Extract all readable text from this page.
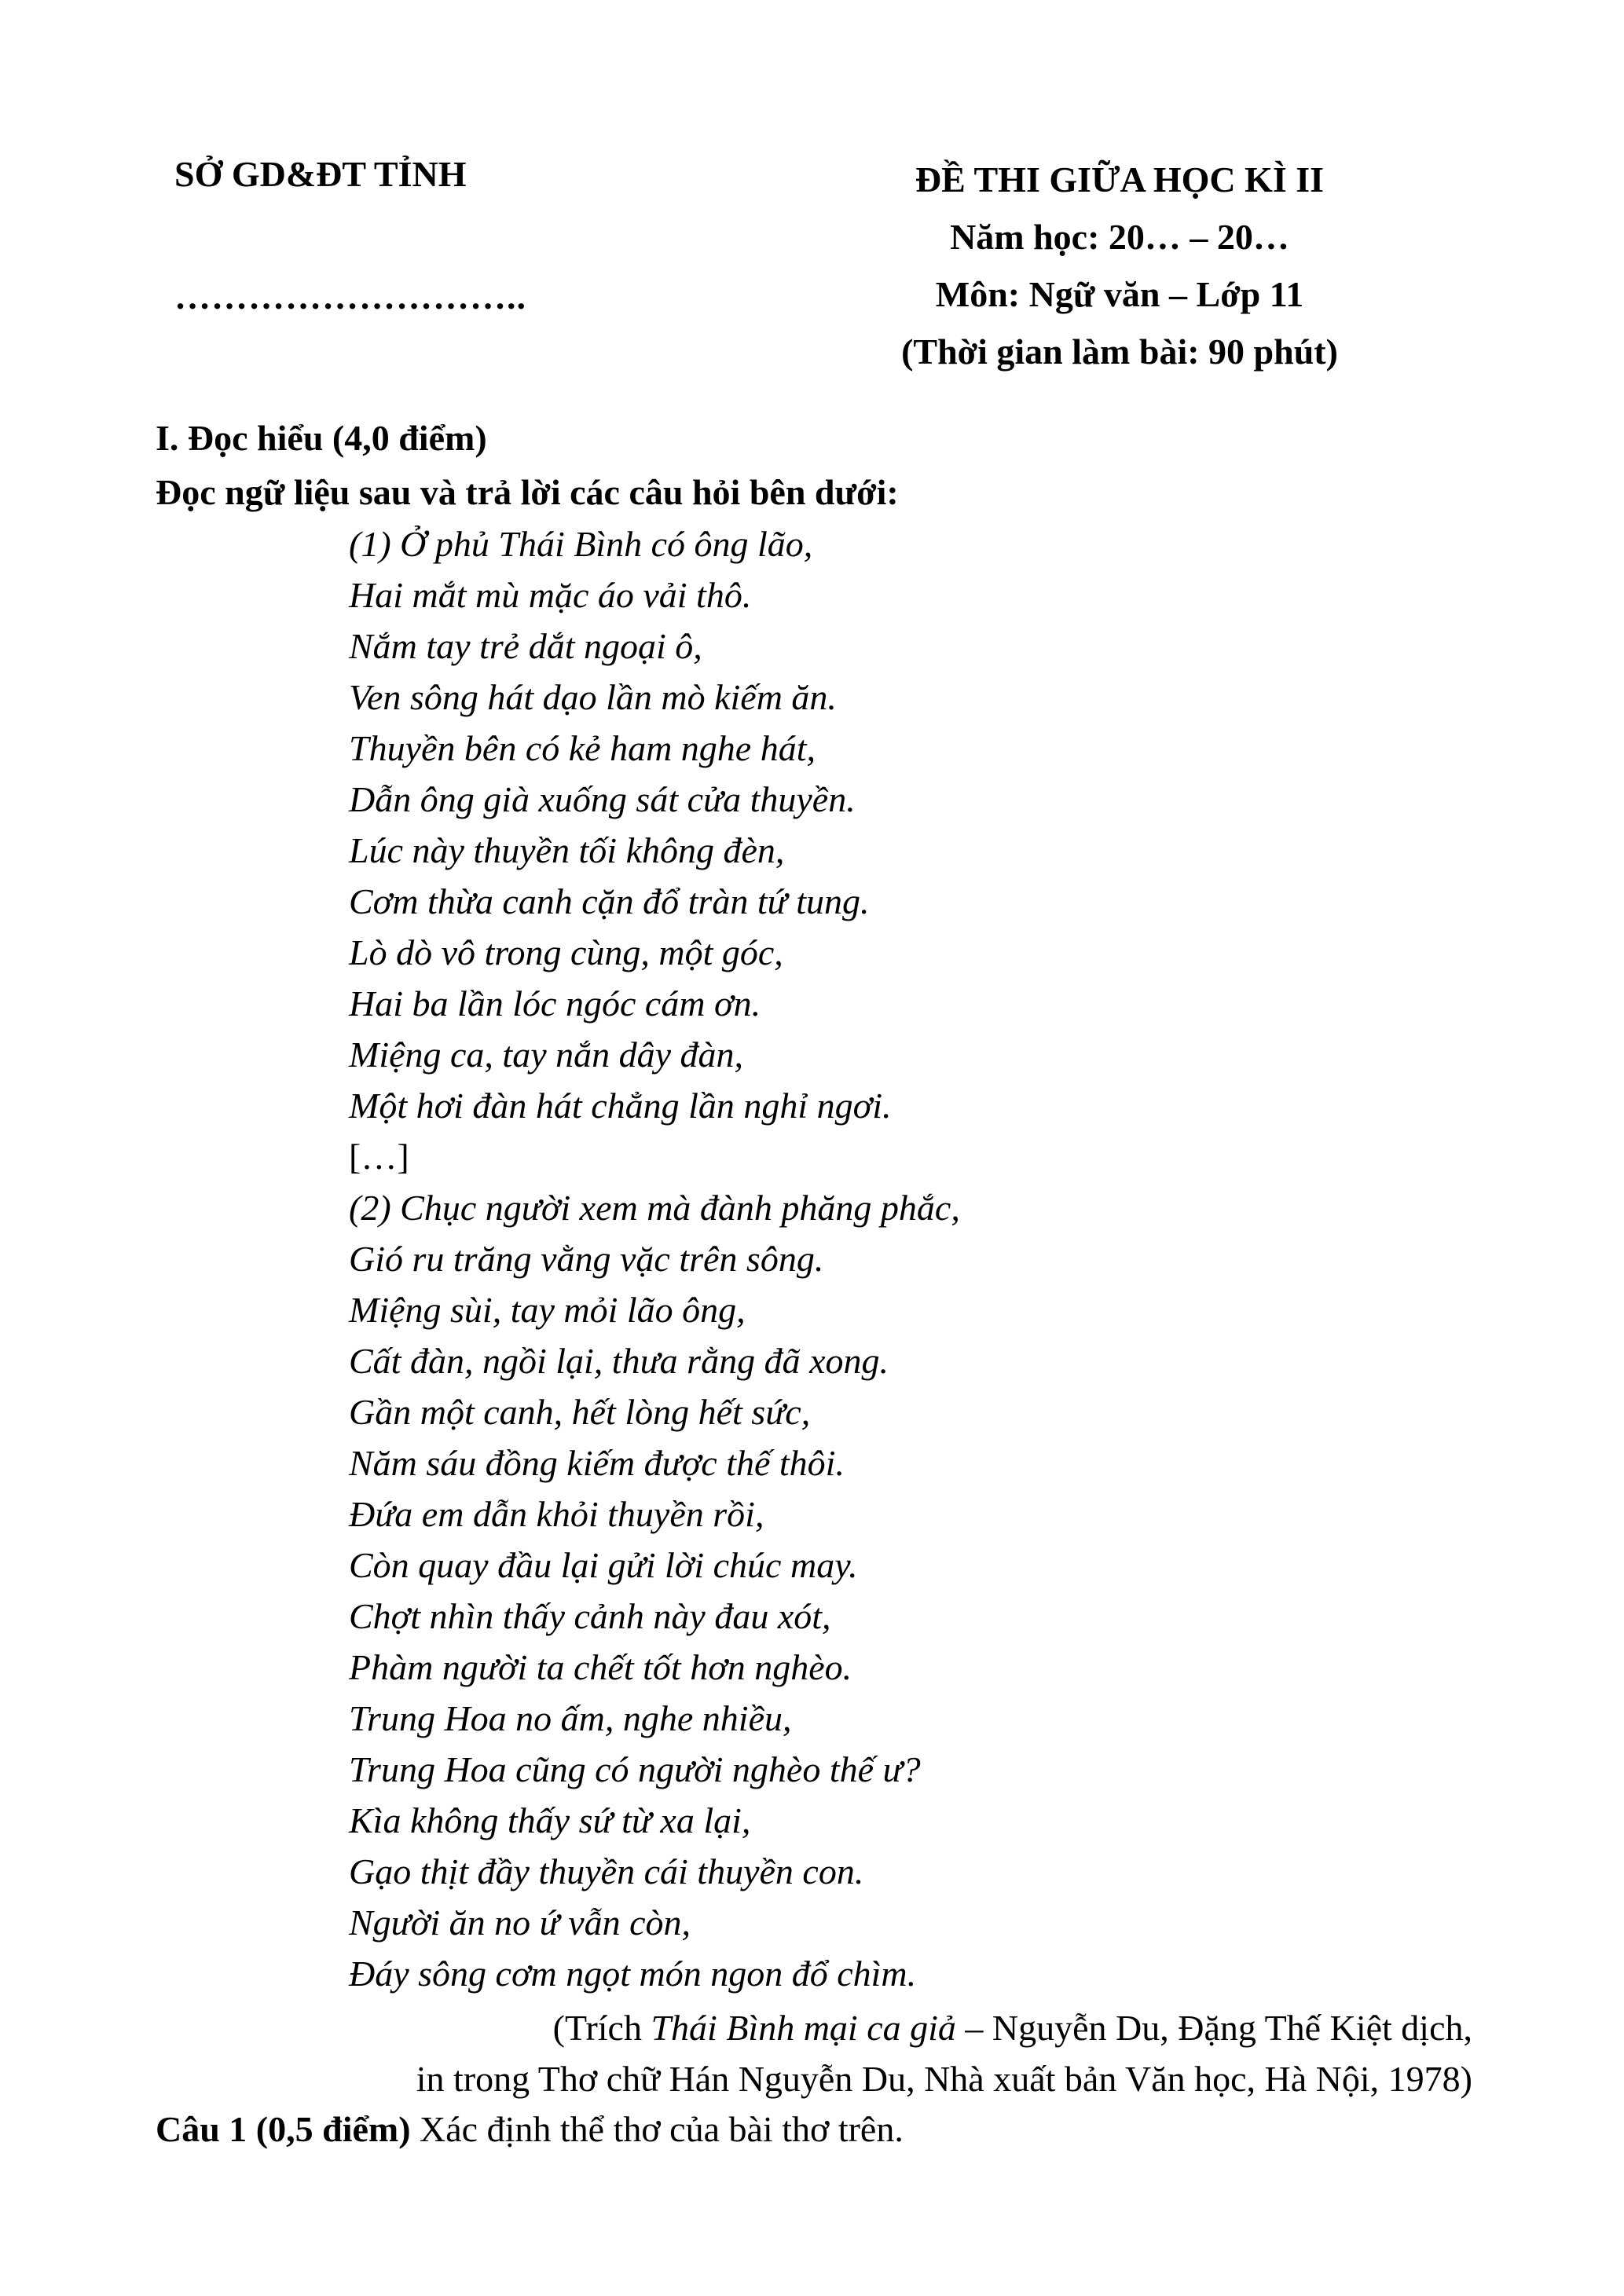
SỞ GD&ĐT TỈNH
………………………..
ĐỀ THI GIỮA HỌC KÌ II
Năm học: 20… – 20…
Môn: Ngữ văn – Lớp 11
(Thời gian làm bài: 90 phút)
I. Đọc hiểu (4,0 điểm)
Đọc ngữ liệu sau và trả lời các câu hỏi bên dưới:
(1) Ở phủ Thái Bình có ông lão,
Hai mắt mù mặc áo vải thô.
Nắm tay trẻ dắt ngoại ô,
Ven sông hát dạo lần mò kiếm ăn.
Thuyền bên có kẻ ham nghe hát,
Dẫn ông già xuống sát cửa thuyền.
Lúc này thuyền tối không đèn,
Cơm thừa canh cặn đổ tràn tứ tung.
Lò dò vô trong cùng, một góc,
Hai ba lần lóc ngóc cám ơn.
Miệng ca, tay nắn dây đàn,
Một hơi đàn hát chẳng lần nghỉ ngơi.
[…]
(2) Chục người xem mà đành phăng phắc,
Gió ru trăng vằng vặc trên sông.
Miệng sùi, tay mỏi lão ông,
Cất đàn, ngồi lại, thưa rằng đã xong.
Gần một canh, hết lòng hết sức,
Năm sáu đồng kiếm được thế thôi.
Đứa em dẫn khỏi thuyền rồi,
Còn quay đầu lại gửi lời chúc may.
Chợt nhìn thấy cảnh này đau xót,
Phàm người ta chết tốt hơn nghèo.
Trung Hoa no ấm, nghe nhiều,
Trung Hoa cũng có người nghèo thế ư?
Kìa không thấy sứ từ xa lại,
Gạo thịt đầy thuyền cái thuyền con.
Người ăn no ứ vẫn còn,
Đáy sông cơm ngọt món ngon đổ chìm.
(Trích Thái Bình mại ca giả – Nguyễn Du, Đặng Thế Kiệt dịch,
in trong Thơ chữ Hán Nguyễn Du, Nhà xuất bản Văn học, Hà Nội, 1978)
Câu 1 (0,5 điểm) Xác định thể thơ của bài thơ trên.
